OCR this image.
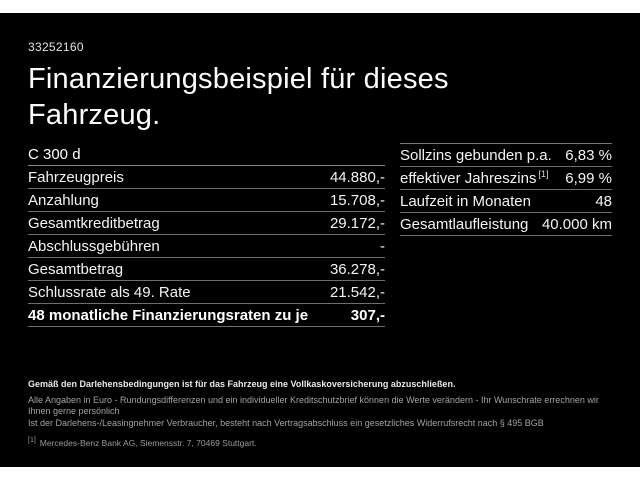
33252160
Finanzierungsbeispiel für dieses
Fahrzeug.
C 300 d
Fahrzeugpreis	44.880,-
Anzahlung	15.708,-
Gesamtkreditbetrag	29.172,-
Abschlussgebühren	-
Gesamtbetrag	36.278,-
Schlussrate als 49. Rate	21.542,-
48 monatliche Finanzierungsraten zu je	307,-
Sollzins gebunden p.a. 6,83 %
effektiver Jahreszins [1] 6,99 %
Laufzeit in Monaten	48
Gesamtlaufleistung 40.000 km
Gemäß den Darlehensbedingungen ist für das Fahrzeug eine Vollkaskoversicherung abzuschließen.
Alle Angaben in Euro - Rundungsdifferenzen und ein individueller Kreditschutzbrief können die Werte verändern - Ihr Wunschrate errechnen wir Ihnen gerne persönlich
Ist der Darlehens-/Leasingnehmer Verbraucher, besteht nach Vertragsabschluss ein gesetzliches Widerrufsrecht nach § 495 BGB
[1] Mercedes-Benz Bank AG, Siemensstr. 7, 70469 Stuttgart.
